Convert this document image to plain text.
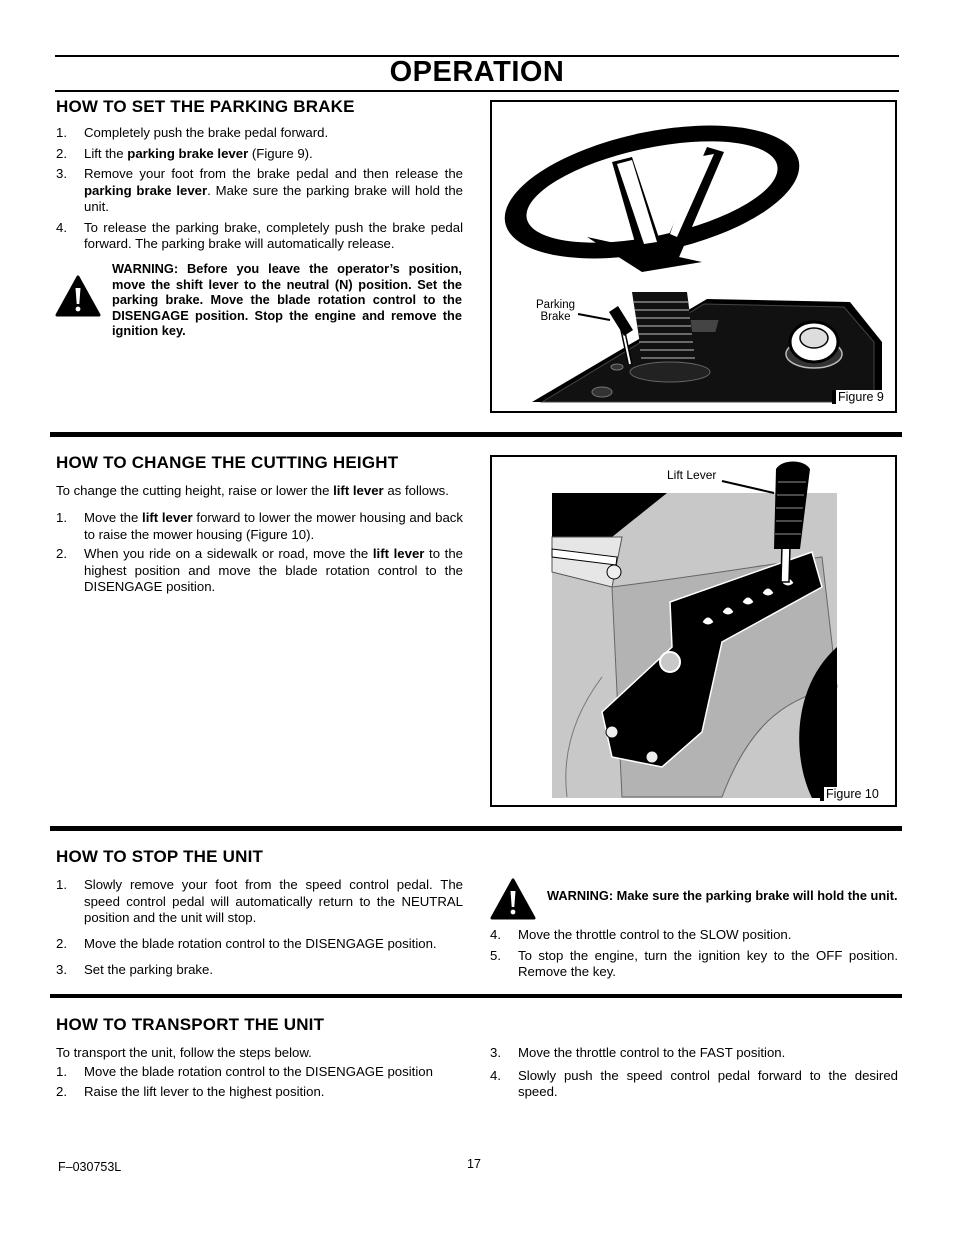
OPERATION
HOW TO SET THE PARKING BRAKE
1. Completely push the brake pedal forward.
2. Lift the parking brake lever (Figure 9).
3. Remove your foot from the brake pedal and then release the parking brake lever. Make sure the parking brake will hold the unit.
4. To release the parking brake, completely push the brake pedal forward. The parking brake will automatically release.
WARNING: Before you leave the operator’s position, move the shift lever to the neutral (N) position. Set the parking brake. Move the blade rotation control to the DISENGAGE position. Stop the engine and remove the ignition key.
Parking
Brake
Figure 9
HOW TO CHANGE THE CUTTING HEIGHT

To change the cutting height, raise or lower the lift lever as follows.

1. Move the lift lever forward to lower the mower housing and back to raise the mower housing (Figure 10).
2. When you ride on a sidewalk or road, move the lift lever to the highest position and move the blade rotation control to the DISENGAGE position.
Lift Lever
Figure 10
HOW TO STOP THE UNIT
1. Slowly remove your foot from the speed control pedal. The speed control pedal will automatically return to the NEUTRAL position and the unit will stop.
2. Move the blade rotation control to the DISENGAGE position.
3. Set the parking brake.
WARNING: Make sure the parking brake will hold the unit.
4. Move the throttle control to the SLOW position.
5. To stop the engine, turn the ignition key to the OFF position. Remove the key.
HOW TO TRANSPORT THE UNIT

To transport the unit, follow the steps below.

1. Move the blade rotation control to the DISENGAGE position
2. Raise the lift lever to the highest position.
3. Move the throttle control to the FAST position.
4. Slowly push the speed control pedal forward to the desired speed.
F–030753L	17
